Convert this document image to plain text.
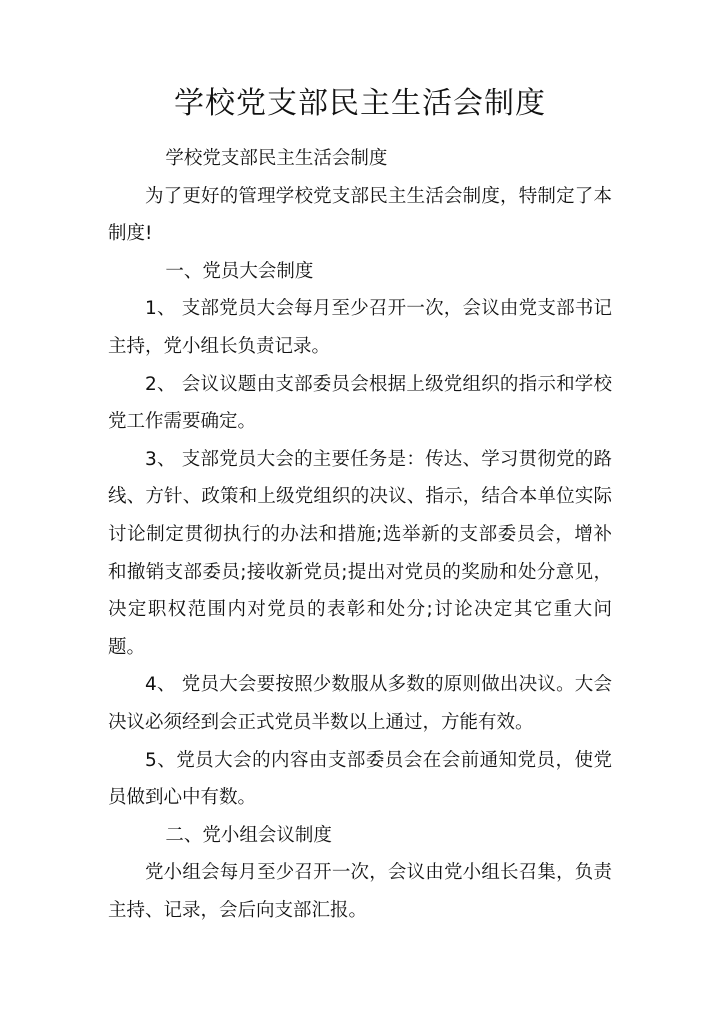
学校党支部民主生活会制度

学校党支部民主生活会制度

为了更好的管理学校党支部民主生活会制度，特制定了本制度!

一、党员大会制度

1、 支部党员大会每月至少召开一次，会议由党支部书记主持，党小组长负责记录。

2、 会议议题由支部委员会根据上级党组织的指示和学校党工作需要确定。

3、 支部党员大会的主要任务是：传达、学习贯彻党的路线、方针、政策和上级党组织的决议、指示，结合本单位实际讨论制定贯彻执行的办法和措施;选举新的支部委员会，增补和撤销支部委员;接收新党员;提出对党员的奖励和处分意见，决定职权范围内对党员的表彰和处分;讨论决定其它重大问题。

4、 党员大会要按照少数服从多数的原则做出决议。大会决议必须经到会正式党员半数以上通过，方能有效。

5、党员大会的内容由支部委员会在会前通知党员，使党员做到心中有数。

二、党小组会议制度

党小组会每月至少召开一次，会议由党小组长召集，负责主持、记录，会后向支部汇报。
